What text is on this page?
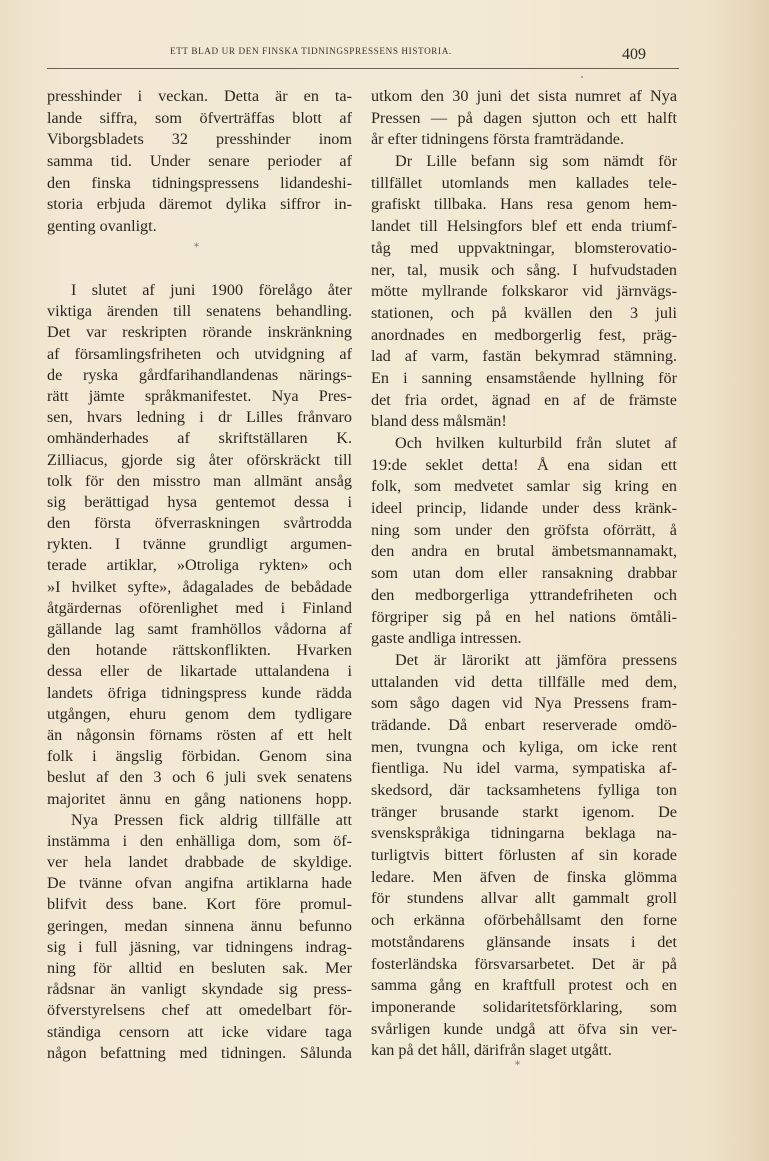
ETT BLAD UR DEN FINSKA TIDNINGSPRESSENS HISTORIA.	409
presshinder i veckan. Detta är en ta-
lande siffra, som öfverträffas blott af
Viborgsbladets 32 presshinder inom
samma tid. Under senare perioder af
den finska tidningspressens lidandeshi-
storia erbjuda däremot dylika siffror in-
genting ovanligt.
*
I slutet af juni 1900 förelågo åter
viktiga ärenden till senatens behandling.
Det var reskripten rörande inskränkning
af församlingsfriheten och utvidgning af
de ryska gårdfarihandlandenas närings-
rätt jämte språkmanifestet. Nya Pres-
sen, hvars ledning i dr Lilles frånvaro
omhänderhades af skriftställaren K.
Zilliacus, gjorde sig åter oförskräckt till
tolk för den misstro man allmänt ansåg
sig berättigad hysa gentemot dessa i
den första öfverraskningen svårtrodda
rykten. I tvänne grundligt argumen-
terade artiklar, »Otroliga rykten» och
»I hvilket syfte», ådagalades de bebådade
åtgärdernas oförenlighet med i Finland
gällande lag samt framhöllos vådorna af
den hotande rättskonflikten. Hvarken
dessa eller de likartade uttalandena i
landets öfriga tidningspress kunde rädda
utgången, ehuru genom dem tydligare
än någonsin förnams rösten af ett helt
folk i ängslig förbidan. Genom sina
beslut af den 3 och 6 juli svek senatens
majoritet ännu en gång nationens hopp.
Nya Pressen fick aldrig tillfälle att
instämma i den enhälliga dom, som öf-
ver hela landet drabbade de skyldige.
De tvänne ofvan angifna artiklarna hade
blifvit dess bane. Kort före promul-
geringen, medan sinnena ännu befunno
sig i full jäsning, var tidningens indrag-
ning för alltid en besluten sak. Mer
rådsnar än vanligt skyndade sig press-
öfverstyrelsens chef att omedelbart för-
ständiga censorn att icke vidare taga
någon befattning med tidningen. Sålunda
utkom den 30 juni det sista numret af Nya
Pressen — på dagen sjutton och ett halft
år efter tidningens första framträdande.
Dr Lille befann sig som nämdt för
tillfället utomlands men kallades tele-
grafiskt tillbaka. Hans resa genom hem-
landet till Helsingfors blef ett enda triumf-
tåg med uppvaktningar, blomsterovatio-
ner, tal, musik och sång. I hufvudstaden
mötte myllrande folkskaror vid järnvägs-
stationen, och på kvällen den 3 juli
anordnades en medborgerlig fest, präg-
lad af varm, fastän bekymrad stämning.
En i sanning ensamstående hyllning för
det fria ordet, ägnad en af de främste
bland dess målsmän!
Och hvilken kulturbild från slutet af
19:de seklet detta! Å ena sidan ett
folk, som medvetet samlar sig kring en
ideel princip, lidande under dess kränk-
ning som under den gröfsta oförrätt, å
den andra en brutal ämbetsmannamakt,
som utan dom eller ransakning drabbar
den medborgerliga yttrandefriheten och
förgriper sig på en hel nations ömtåli-
gaste andliga intressen.
Det är lärorikt att jämföra pressens
uttalanden vid detta tillfälle med dem,
som sågo dagen vid Nya Pressens fram-
trädande. Då enbart reserverade omdö-
men, tvungna och kyliga, om icke rent
fientliga. Nu idel varma, sympatiska af-
skedsord, där tacksamhetens fylliga ton
tränger brusande starkt igenom. De
svenskspråkiga tidningarna beklaga na-
turligtvis bittert förlusten af sin korade
ledare. Men äfven de finska glömma
för stundens allvar allt gammalt groll
och erkänna oförbehållsamt den forne
motståndarens glänsande insats i det
fosterländska försvarsarbetet. Det är på
samma gång en kraftfull protest och en
imponerande solidaritetsförklaring, som
svårligen kunde undgå att öfva sin ver-
kan på det håll, därifrån slaget utgått.
*
